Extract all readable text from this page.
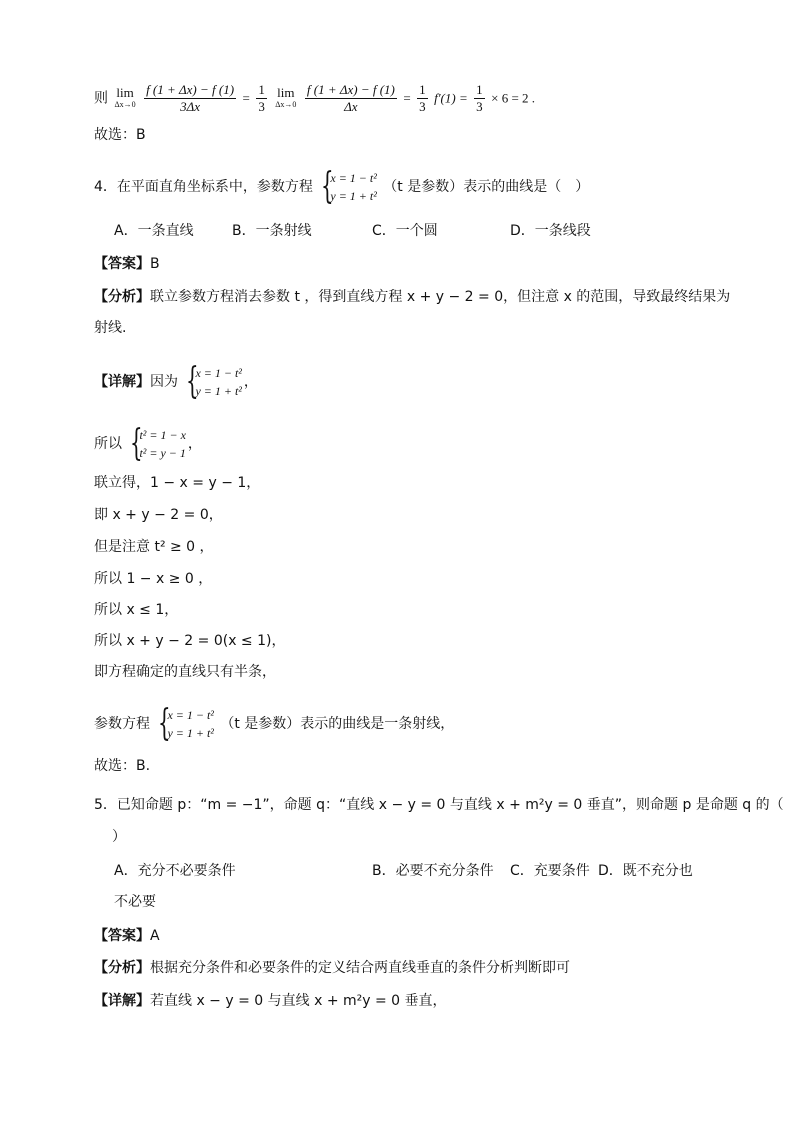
则 lim
Δx→0
$\frac{f (1 + \Delta x) - f (1)}{3\Delta x} = \frac{1}{3}$
lim
Δx→0
$\frac{f (1 + \Delta x) - f (1)}{\Delta x} = \frac{1}{3} f'(1) = \frac{1}{3} \times 6 = 2$ .
故选：B
4．在平面直角坐标系中，参数方程 {
x = 1 − t²
y = 1 + t²
（t 是参数）表示的曲线是（　）
A．一条直线	B．一条射线	C．一个圆	D．一条线段
【答案】B
【分析】联立参数方程消去参数 t ，得到直线方程 x + y − 2 = 0，但注意 x 的范围，导致最终结果为
射线.
【详解】因为 {
x = 1 − t²
y = 1 + t²
，
所以 {
t² = 1 − x
t² = y − 1
，
联立得，1 − x = y − 1，
即 x + y − 2 = 0，
但是注意 t² ≥ 0 ，
所以 1 − x ≥ 0 ，
所以 x ≤ 1，
所以 x + y − 2 = 0(x ≤ 1)，
即方程确定的直线只有半条，
参数方程 {
x = 1 − t²
y = 1 + t²
（t 是参数）表示的曲线是一条射线，
故选：B.
5．已知命题 p：“m = −1”，命题 q：“直线 x − y = 0 与直线 x + m²y = 0 垂直”，则命题 p 是命题 q 的（
）
A．充分不必要条件	B．必要不充分条件 C．充要条件 D．既不充分也
不必要
【答案】A
【分析】根据充分条件和必要条件的定义结合两直线垂直的条件分析判断即可
【详解】若直线 x − y = 0 与直线 x + m²y = 0 垂直，
